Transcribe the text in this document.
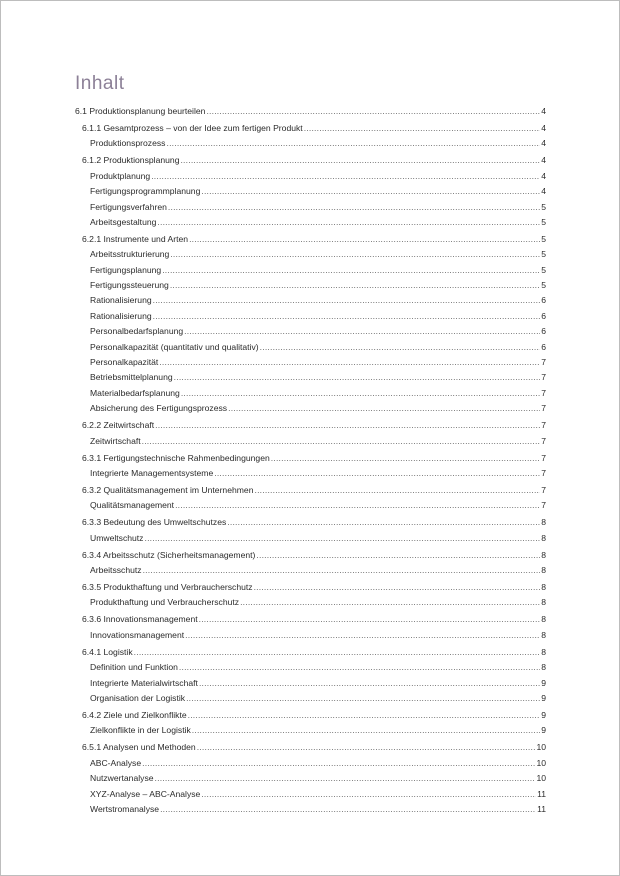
Inhalt
6.1 Produktionsplanung beurteilen .....	4
6.1.1 Gesamtprozess – von der Idee zum fertigen Produkt .....	4
Produktionsprozess .....	4
6.1.2 Produktionsplanung .....	4
Produktplanung .....	4
Fertigungsprogrammplanung .....	4
Fertigungsverfahren .....	5
Arbeitsgestaltung .....	5
6.2.1 Instrumente und Arten .....	5
Arbeitsstrukturierung .....	5
Fertigungsplanung .....	5
Fertigungssteuerung .....	5
Rationalisierung .....	6
Rationalisierung .....	6
Personalbedarfsplanung .....	6
Personalkapazität (quantitativ und qualitativ) .....	6
Personalkapazität .....	7
Betriebsmittelplanung .....	7
Materialbedarfsplanung .....	7
Absicherung des Fertigungsprozess .....	7
6.2.2 Zeitwirtschaft .....	7
Zeitwirtschaft .....	7
6.3.1 Fertigungstechnische Rahmenbedingungen .....	7
Integrierte Managementsysteme .....	7
6.3.2 Qualitätsmanagement im Unternehmen .....	7
Qualitätsmanagement .....	7
6.3.3 Bedeutung des Umweltschutzes .....	8
Umweltschutz .....	8
6.3.4 Arbeitsschutz (Sicherheitsmanagement) .....	8
Arbeitsschutz .....	8
6.3.5 Produkthaftung und Verbraucherschutz .....	8
Produkthaftung und Verbraucherschutz .....	8
6.3.6 Innovationsmanagement .....	8
Innovationsmanagement .....	8
6.4.1 Logistik .....	8
Definition und Funktion .....	8
Integrierte Materialwirtschaft .....	9
Organisation der Logistik .....	9
6.4.2 Ziele und Zielkonflikte .....	9
Zielkonflikte in der Logistik .....	9
6.5.1 Analysen und Methoden .....	10
ABC-Analyse .....	10
Nutzwertanalyse .....	10
XYZ-Analyse – ABC-Analyse .....	11
Wertstromanalyse .....	11
